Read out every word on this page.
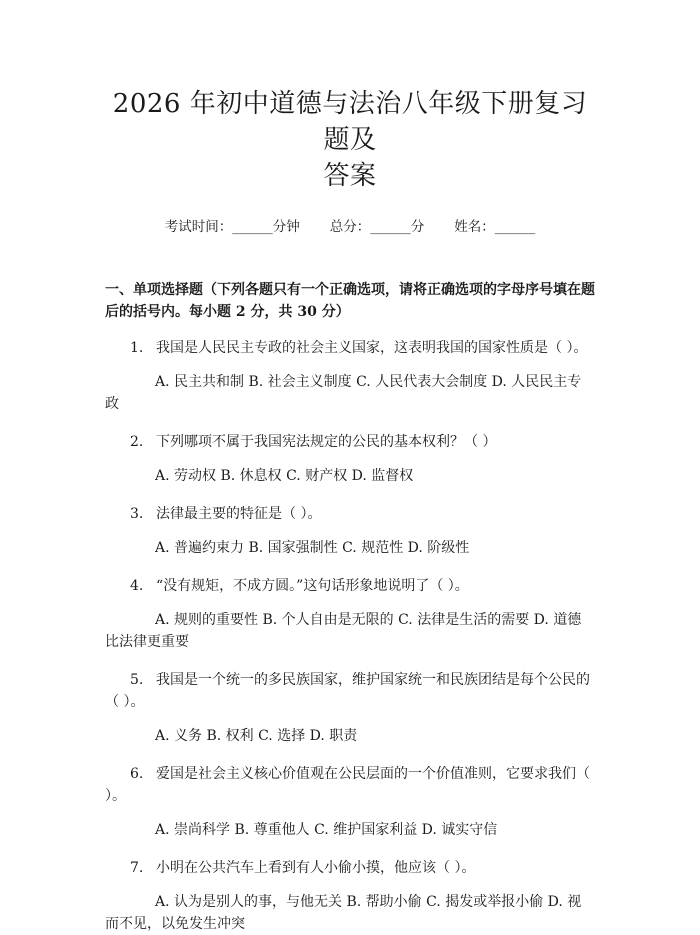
2026 年初中道德与法治八年级下册复习题及
答案
考试时间：______分钟 总分：______分 姓名：______
一、单项选择题（下列各题只有一个正确选项，请将正确选项的字母序号填在题后的括号内。每小题 2 分，共 30 分）
1. 我国是人民民主专政的社会主义国家，这表明我国的国家性质是（ ）。
A. 民主共和制 B. 社会主义制度 C. 人民代表大会制度 D. 人民民主专政
2. 下列哪项不属于我国宪法规定的公民的基本权利？（ ）
A. 劳动权 B. 休息权 C. 财产权 D. 监督权
3. 法律最主要的特征是（ ）。
A. 普遍约束力 B. 国家强制性 C. 规范性 D. 阶级性
4. “没有规矩，不成方圆。”这句话形象地说明了（ ）。
A. 规则的重要性 B. 个人自由是无限的 C. 法律是生活的需要 D. 道德比法律更重要
5. 我国是一个统一的多民族国家，维护国家统一和民族团结是每个公民的（ ）。
A. 义务 B. 权利 C. 选择 D. 职责
6. 爱国是社会主义核心价值观在公民层面的一个价值准则，它要求我们（ ）。
A. 崇尚科学 B. 尊重他人 C. 维护国家利益 D. 诚实守信
7. 小明在公共汽车上看到有人小偷小摸，他应该（ ）。
A. 认为是别人的事，与他无关 B. 帮助小偷 C. 揭发或举报小偷 D. 视而不见，以免发生冲突
